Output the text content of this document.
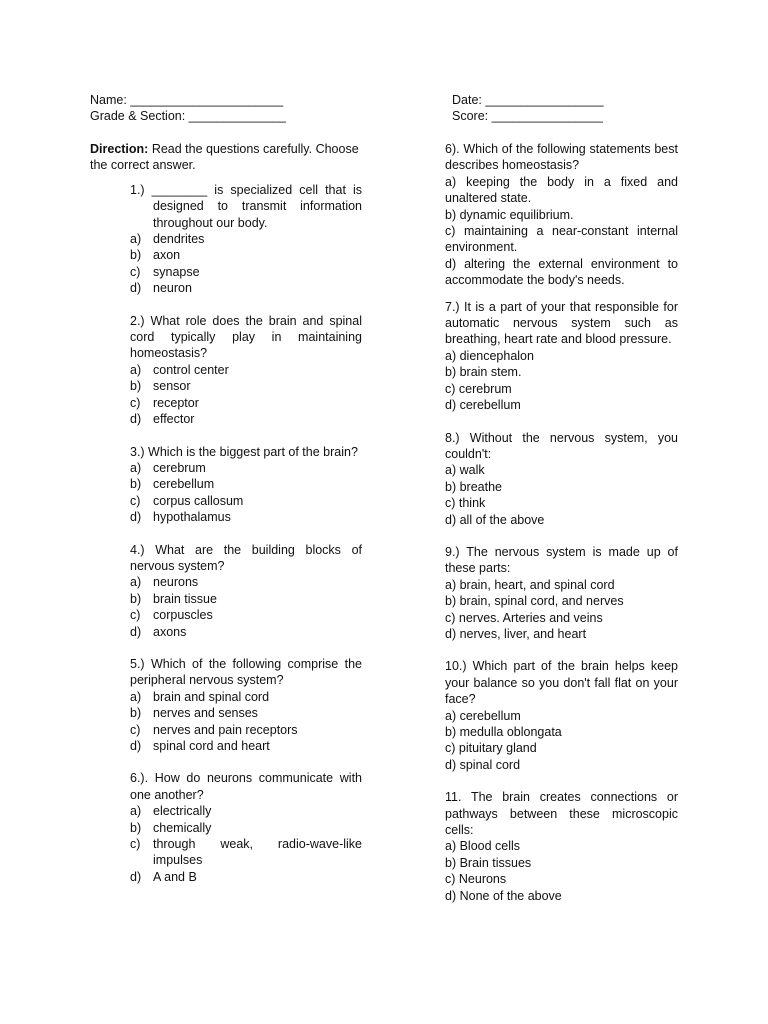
Name: ______________________
Grade & Section: ______________
Date: _________________
Score: ________________
Direction: Read the questions carefully. Choose the correct answer.
1.) ________ is specialized cell that is designed to transmit information throughout our body.
a) dendrites
b) axon
c)	synapse
d) neuron
2.) What role does the brain and spinal cord typically play in maintaining homeostasis?
a) control center
b) sensor
c)	receptor
d) effector
3.) Which is the biggest part of the brain?
a) cerebrum
b) cerebellum
c)	corpus callosum
d) hypothalamus
4.) What are the building blocks of nervous system?
a) neurons
b) brain tissue
c)	corpuscles
d) axons
5.) Which of the following comprise the peripheral nervous system?
a) brain and spinal cord
b) nerves and senses
c)	nerves and pain receptors
d) spinal cord and heart
6.). How do neurons communicate with one another?
a) electrically
b) chemically
c)	through weak, radio-wave-like impulses
d) A and B
6). Which of the following statements best describes homeostasis?
a) keeping the body in a fixed and unaltered state.
b) dynamic equilibrium.
c) maintaining a near-constant internal environment.
d) altering the external environment to accommodate the body's needs.
7.) It is a part of your that responsible for automatic nervous system such as breathing, heart rate and blood pressure.
a) diencephalon
b) brain stem.
c) cerebrum
d) cerebellum
8.) Without the nervous system, you couldn't:
a) walk
b) breathe
c) think
d) all of the above
9.) The nervous system is made up of these parts:
a) brain, heart, and spinal cord
b) brain, spinal cord, and nerves
c) nerves. Arteries and veins
d) nerves, liver, and heart
10.) Which part of the brain helps keep your balance so you don't fall flat on your face?
a) cerebellum
b) medulla oblongata
c) pituitary gland
d) spinal cord
11. The brain creates connections or pathways between these microscopic cells:
a) Blood cells
b) Brain tissues
c) Neurons
d) None of the above
